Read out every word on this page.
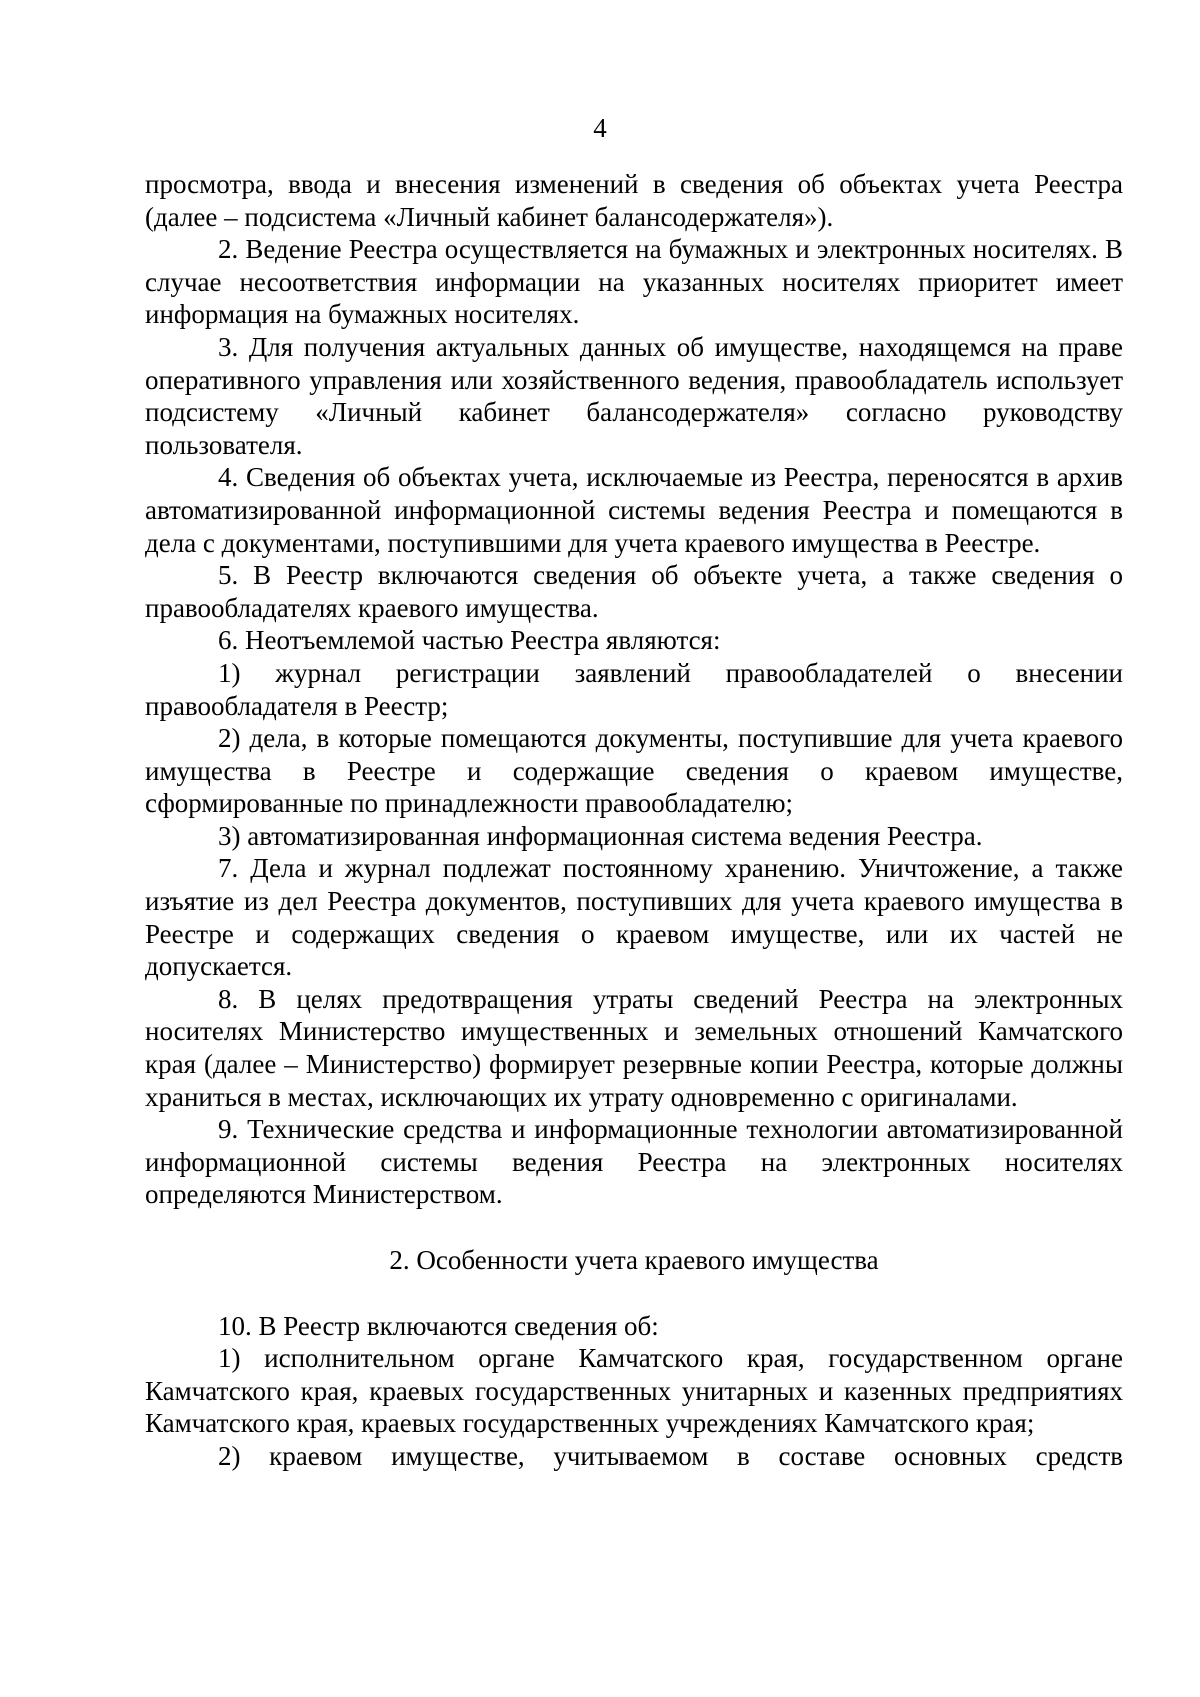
4

просмотра, ввода и внесения изменений в сведения об объектах учета Реестра (далее – подсистема «Личный кабинет балансодержателя»).

2. Ведение Реестра осуществляется на бумажных и электронных носителях. В случае несоответствия информации на указанных носителях приоритет имеет информация на бумажных носителях.

3. Для получения актуальных данных об имуществе, находящемся на праве оперативного управления или хозяйственного ведения, правообладатель использует подсистему «Личный кабинет балансодержателя» согласно руководству пользователя.

4. Сведения об объектах учета, исключаемые из Реестра, переносятся в архив автоматизированной информационной системы ведения Реестра и помещаются в дела с документами, поступившими для учета краевого имущества в Реестре.

5. В Реестр включаются сведения об объекте учета, а также сведения о правообладателях краевого имущества.

6. Неотъемлемой частью Реестра являются:

1) журнал регистрации заявлений правообладателей о внесении правообладателя в Реестр;

2) дела, в которые помещаются документы, поступившие для учета краевого имущества в Реестре и содержащие сведения о краевом имуществе, сформированные по принадлежности правообладателю;

3) автоматизированная информационная система ведения Реестра.

7. Дела и журнал подлежат постоянному хранению. Уничтожение, а также изъятие из дел Реестра документов, поступивших для учета краевого имущества в Реестре и содержащих сведения о краевом имуществе, или их частей не допускается.

8. В целях предотвращения утраты сведений Реестра на электронных носителях Министерство имущественных и земельных отношений Камчатского края (далее – Министерство) формирует резервные копии Реестра, которые должны храниться в местах, исключающих их утрату одновременно с оригиналами.

9. Технические средства и информационные технологии автоматизированной информационной системы ведения Реестра на электронных носителях определяются Министерством.

2. Особенности учета краевого имущества

10. В Реестр включаются сведения об:

1) исполнительном органе Камчатского края, государственном органе Камчатского края, краевых государственных унитарных и казенных предприятиях Камчатского края, краевых государственных учреждениях Камчатского края;

2) краевом имуществе, учитываемом в составе основных средств
